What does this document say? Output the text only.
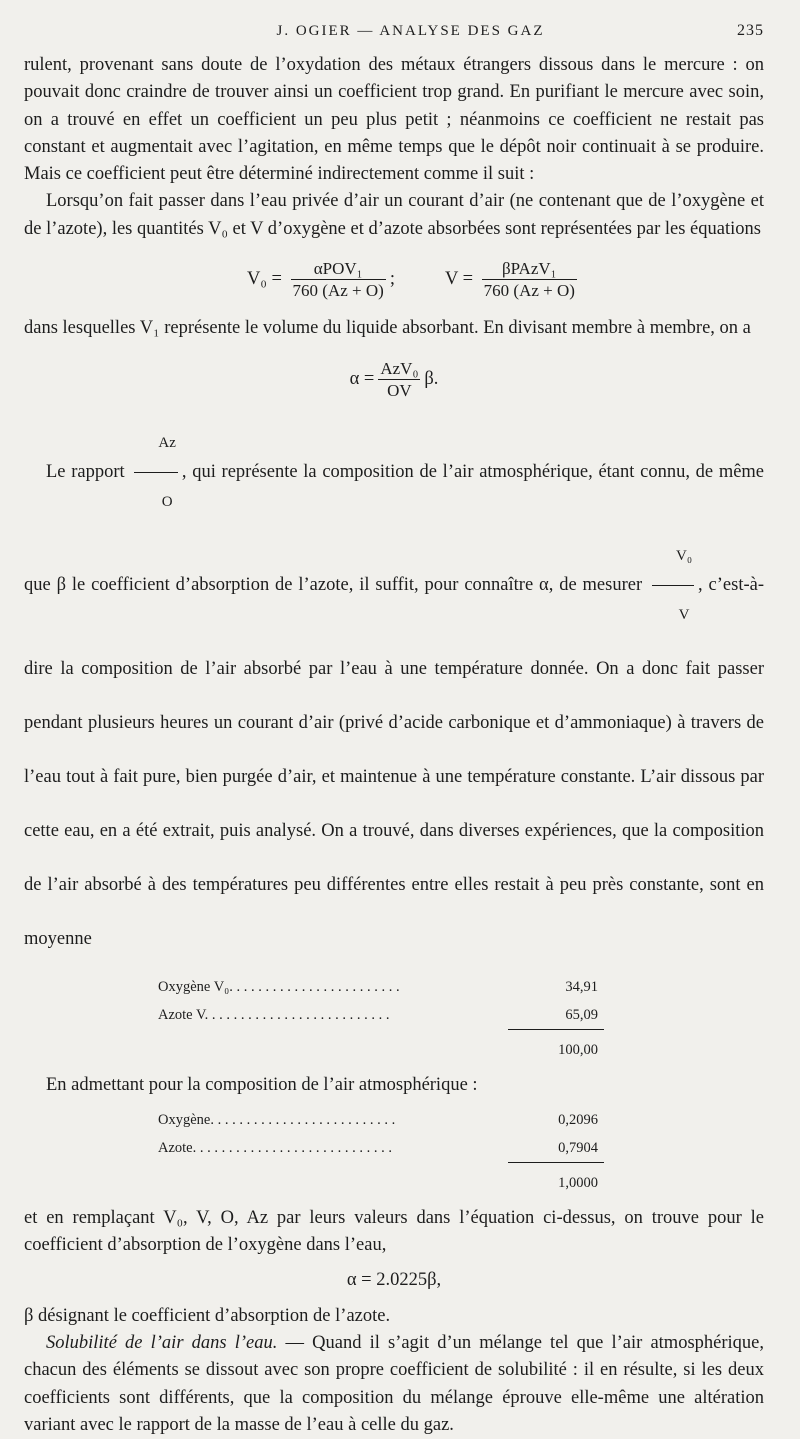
J. OGIER — ANALYSE DES GAZ	235

rulent, provenant sans doute de l’oxydation des métaux étrangers dissous dans le mercure : on pouvait donc craindre de trouver ainsi un coefficient trop grand. En purifiant le mercure avec soin, on a trouvé en effet un coefficient un peu plus petit ; néanmoins ce coefficient ne restait pas constant et augmentait avec l’agitation, en même temps que le dépôt noir continuait à se produire. Mais ce coefficient peut être déterminé indirectement comme il suit :

Lorsqu’on fait passer dans l’eau privée d’air un courant d’air (ne contenant que de l’oxygène et de l’azote), les quantités V₀ et V d’oxygène et d’azote absorbées sont représentées par les équations

$V_0 = \frac{\text{αPOV₁}}{760 (Az + O)}$ ;	$V = \frac{\text{βPAzV₁}}{760 (Az + O)}$

dans lesquelles V₁ représente le volume du liquide absorbant. En divisant membre à membre, on a

$\alpha = \frac{\text{AzV₀}}{OV} \beta$.

Le rapport $\frac{Az}{O}$ , qui représente la composition de l’air atmosphérique, étant connu, de même que β le coefficient d’absorption de l’azote, il suffit, pour connaître α, de mesurer $\frac{\text{V₀}}{V}$ , c’est-à-dire la composition de l’air absorbé par l’eau à une température donnée. On a donc fait passer pendant plusieurs heures un courant d’air (privé d’acide carbonique et d’ammoniaque) à travers de l’eau tout à fait pure, bien purgée d’air, et maintenue à une température constante. L’air dissous par cette eau, en a été extrait, puis analysé. On a trouvé, dans diverses expériences, que la composition de l’air absorbé à des températures peu différentes entre elles restait à peu près constante, sont en moyenne

Oxygène V₀. . . . . . . . . . . . . . . . . . . . . . . .	34,91
Azote V. . . . . . . . . . . . . . . . . . . . . . . . . .	65,09
	100,00

En admettant pour la composition de l’air atmosphérique :

Oxygène. . . . . . . . . . . . . . . . . . . . . . . . . .	0,2096
Azote. . . . . . . . . . . . . . . . . . . . . . . . . . . .	0,7904
	1,0000

et en remplaçant V₀, V, O, Az par leurs valeurs dans l’équation ci-dessus, on trouve pour le coefficient d’absorption de l’oxygène dans l’eau,

α = 2.0225β,

β désignant le coefficient d’absorption de l’azote.

Solubilité de l’air dans l’eau. — Quand il s’agit d’un mélange tel que l’air atmosphérique, chacun des éléments se dissout avec son propre coefficient de solubilité : il en résulte, si les deux coefficients sont différents, que la composition du mélange éprouve elle-même une altération variant avec le rapport de la masse de l’eau à celle du gaz.
